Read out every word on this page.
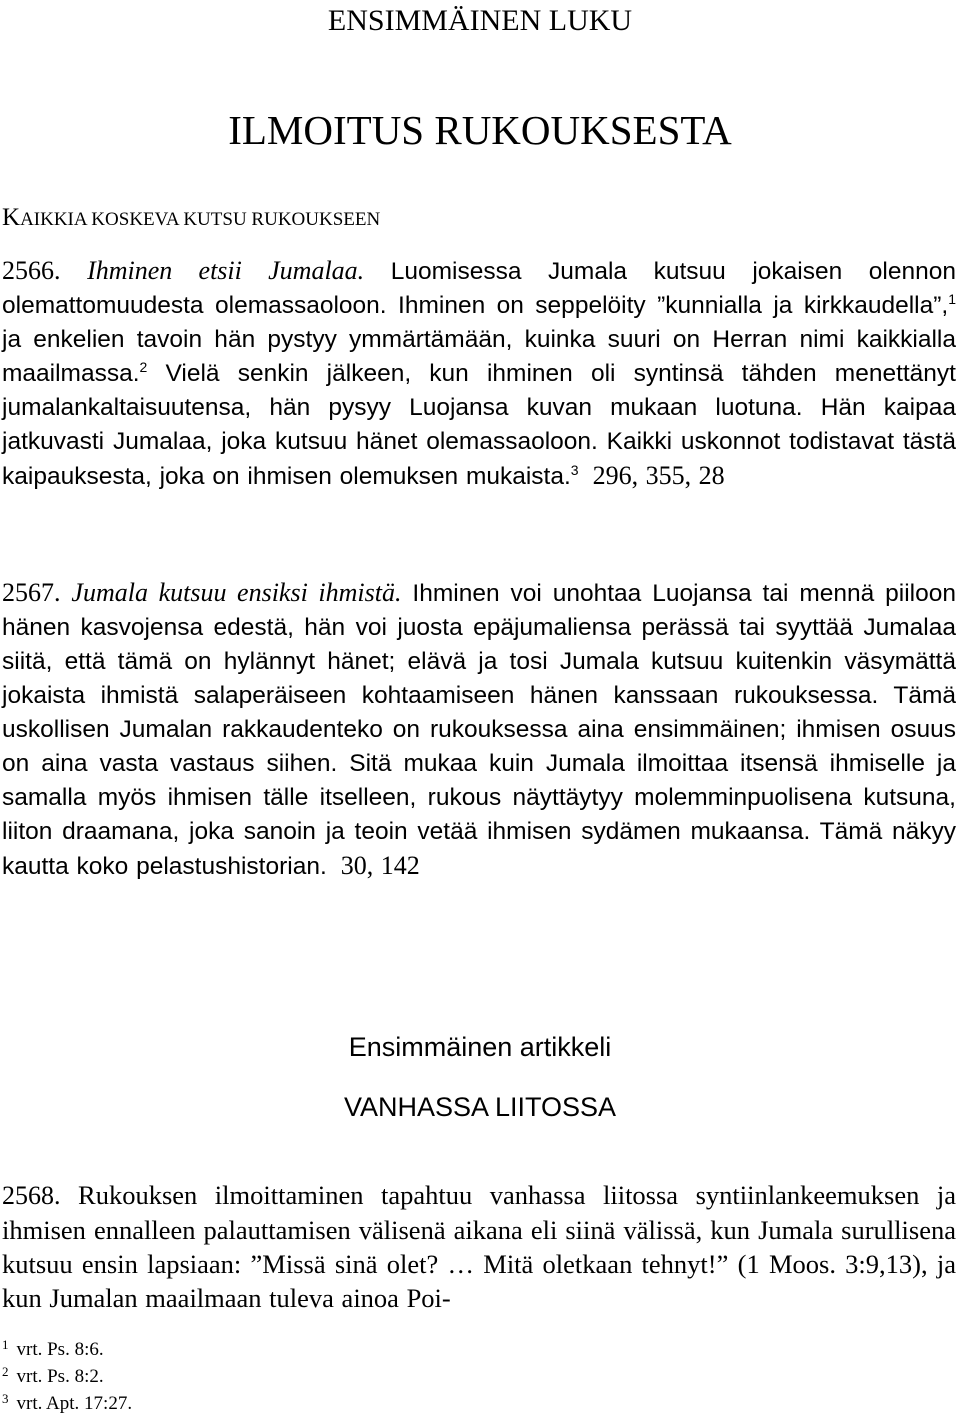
ENSIMMÄINEN LUKU
ILMOITUS RUKOUKSESTA
KAIKKIA KOSKEVA KUTSU RUKOUKSEEN

2566. Ihminen etsii Jumalaa. Luomisessa Jumala kutsuu jokaisen olennon olemattomuudesta olemassaoloon. Ihminen on seppelöity ”kunnialla ja kirkkaudella”,$^1$ ja enkelien tavoin hän pystyy ymmärtämään, kuinka suuri on Herran nimi kaikkialla maailmassa.$^2$ Vielä senkin jälkeen, kun ihminen oli syntinsä tähden menettänyt jumalankaltaisuutensa, hän pysyy Luojansa kuvan mukaan luotuna. Hän kaipaa jatkuvasti Jumalaa, joka kutsuu hänet olemassaoloon. Kaikki uskonnot todistavat tästä kaipauksesta, joka on ihmisen olemuksen mukaista.$^3$ 296, 355, 28

2567. Jumala kutsuu ensiksi ihmistä. Ihminen voi unohtaa Luojansa tai mennä piiloon hänen kasvojensa edestä, hän voi juosta epäjumaliensa perässä tai syyttää Jumalaa siitä, että tämä on hylännyt hänet; elävä ja tosi Jumala kutsuu kuitenkin väsymättä jokaista ihmistä salaperäiseen kohtaamiseen hänen kanssaan rukouksessa. Tämä uskollisen Jumalan rakkaudenteko on rukouksessa aina ensimmäinen; ihmisen osuus on aina vasta vastaus siihen. Sitä mukaa kuin Jumala ilmoittaa itsensä ihmiselle ja samalla myös ihmisen tälle itselleen, rukous näyttäytyy molemminpuolisena kutsuna, liiton draamana, joka sanoin ja teoin vetää ihmisen sydämen mukaansa. Tämä näkyy kautta koko pelastushistorian. 30, 142

Ensimmäinen artikkeli
VANHASSA LIITOSSA

2568. Rukouksen ilmoittaminen tapahtuu vanhassa liitossa syntiinlankeemuksen ja ihmisen ennalleen palauttamisen välisenä aikana eli siinä välissä, kun Jumala surullisena kutsuu ensin lapsiaan: ”Missä sinä olet? … Mitä oletkaan tehnyt!” (1 Moos. 3:9,13), ja kun Jumalan maailmaan tuleva ainoa Poi-

$^1$ vrt. Ps. 8:6.
$^2$ vrt. Ps. 8:2.
$^3$ vrt. Apt. 17:27.
